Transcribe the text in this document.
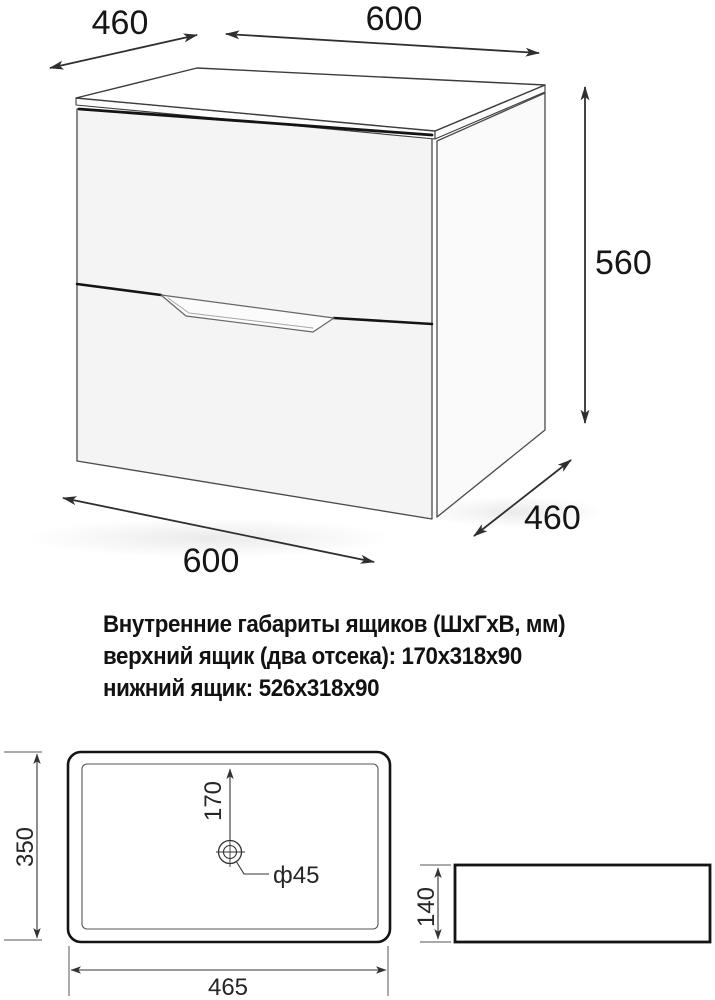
460	600
560
600
460
170
ф45
350
465
140
Внутренние габариты ящиков (ШхГхВ, мм)
верхний ящик (два отсека): 170х318х90
нижний ящик: 526х318х90
